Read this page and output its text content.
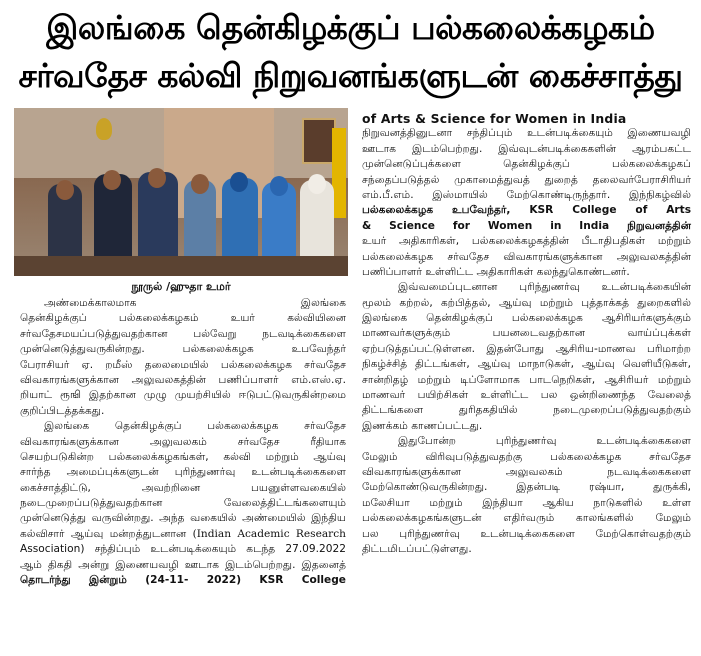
இலங்கை தென்கிழக்குப் பல்கலைக்கழகம்
சர்வதேச கல்வி நிறுவனங்களுடன் கைச்சாத்து
நூருல் /ஹுதா உமர்
அண்மைக்காலமாக இலங்கை
தென்கிழக்குப் பல்கலைக்கழகம் உயர் கல்வியினை
சர்வதேசமயப்படுத்துவதற்கான பல்வேறு நடவடிக்கைகளை
முன்னெடுத்துவருகின்றது. பல்கலைக்கழக உபவேந்தர்
பேராசியர் ஏ. றமீஸ் தலைமையில் பல்கலைக்கழக சர்வதேச
விவகாரங்களுக்கான அலுவலகத்தின் பணிப்பாளர் எம்.எஸ்.ஏ.
றியாட் ரூஙி இதற்கான முழு முயற்சியில் ஈடுபட்டுவருகின்றமை
குறிப்பிடத்தக்கது.
இலங்கை தென்கிழக்குப் பல்கலைக்கழக சர்வதேச
விவகாரங்களுக்கான அலுவலகம் சர்வதேச ரீதியாக
செயற்படுகின்ற பல்கலைக்கழகங்கள், கல்வி மற்றும் ஆய்வு
சார்ந்த அமைப்புக்களுடன் புரிந்துணர்வு உடன்படிக்கைகளை
கைச்சாத்திட்டு, அவற்றினை பயனுள்ளவகையில்
நடைமுறைப்படுத்துவதற்கான வேலைத்திட்டங்களையும்
முன்னெடுத்து வருவின்றது. அந்த வகையில் அண்மையில் இந்திய
கல்விசார் ஆய்வு மன்றத்துடனான (Indian Academic Research
Association) சந்திப்பும் உடன்படிக்கையும் கடந்த 27.09.2022
ஆம் திகதி அன்று இணையவழி ஊடாக இடம்பெற்றது. இதனைத்
தொடர்ந்து இன்றும் (24-11- 2022) KSR College
of Arts & Science for Women in India
நிறுவனத்தினுடனா சந்திப்பும் உடன்படிக்கையும் இணையவழி
ஊடாக இடம்பெற்றது. இவ்வுடன்படிக்கைகளின் ஆரம்பகட்ட
முன்னெடுப்புக்களை தென்கிழக்குப் பல்கலைக்கழகப்
சந்தைப்படுத்தல் முகாமைத்துவத் துறைத் தலைவர்பேராசிரியர்
எம்.பீ.எம். இஸ்மாயில் மேற்கொண்டிருந்தார். இந்நிகழ்வில்
பல்கலைக்கழக உபவேந்தர், KSR College of Arts
& Science for Women in India நிறுவனத்தின்
உயர் அதிகாரிகள், பல்கலைக்கழகத்தின் பீடாதிபதிகள் மற்றும்
பல்கலைக்கழக சர்வதேச விவகாரங்களுக்கான அலுவலகத்தின்
பணிப்பாளர் உள்ளிட்ட அதிகாரிகள் கலந்துகொண்டனர்.
இவ்வமைப்புடனான புரிந்துணர்வு உடன்படிக்கையின்
மூலம் கற்றல், கற்பித்தல், ஆய்வு மற்றும் புத்தாக்கத் துறைகளில்
இலங்கை தென்கிழக்குப் பல்கலைக்கழக ஆசிரியர்களுக்கும்
மாணவர்களுக்கும் பயனடைவதற்கான வாய்ப்புக்கள்
ஏற்படுத்தப்பட்டுள்ளன. இதன்போது ஆசிரிய-மாணவ பரிமாற்ற
நிகழ்ச்சித் திட்டங்கள், ஆய்வு மாநாடுகள், ஆய்வு வெளியீடுகள்,
சான்றிதழ் மற்றும் டிப்ளோமாக பாடநெறிகள், ஆசிரியர் மற்றும்
மாணவர் பயிற்சிகள் உள்ளிட்ட பல ஒன்றிணைந்த வேலைத்
திட்டங்களை துரிதகதியில் நடைமுறைப்படுத்துவதற்கும்
இணக்கம் காணப்பட்டது.
இதுபோன்ற புரிந்துணர்வு உடன்படிக்கைகளை
மேலும் விரிவுபடுத்துவதற்கு பல்கலைக்கழக சர்வதேச
விவகாரங்களுக்கான அலுவலகம் நடவடிக்கைகளை
மேற்கொண்டுவருகின்றது. இதன்படி ரஷ்யா, துருக்கி,
மலேசியா மற்றும் இந்தியா ஆகிய நாடுகளில் உள்ள
பல்கலைக்கழகங்களுடன் எதிர்வரும் காலங்களில் மேலும்
பல புரிந்துணர்வு உடன்படிக்கைகளை மேற்கொள்வதற்கும்
திட்டமிடப்பட்டுள்ளது.
